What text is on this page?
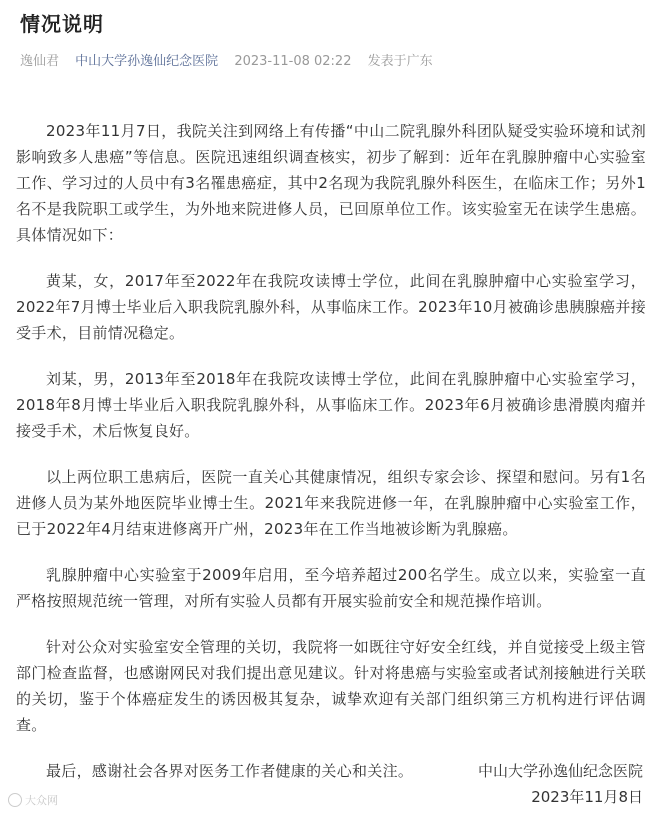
情况说明
逸仙君 中山大学孙逸仙纪念医院 2023-11-08 02:22 发表于广东

2023年11月7日，我院关注到网络上有传播“中山二院乳腺外科团队疑受实验环境和试剂影响致多人患癌”等信息。医院迅速组织调查核实，初步了解到：近年在乳腺肿瘤中心实验室工作、学习过的人员中有3名罹患癌症，其中2名现为我院乳腺外科医生，在临床工作；另外1名不是我院职工或学生，为外地来院进修人员，已回原单位工作。该实验室无在读学生患癌。具体情况如下：

黄某，女，2017年至2022年在我院攻读博士学位，此间在乳腺肿瘤中心实验室学习，2022年7月博士毕业后入职我院乳腺外科，从事临床工作。2023年10月被确诊患胰腺癌并接受手术，目前情况稳定。

刘某，男，2013年至2018年在我院攻读博士学位，此间在乳腺肿瘤中心实验室学习，2018年8月博士毕业后入职我院乳腺外科，从事临床工作。2023年6月被确诊患滑膜肉瘤并接受手术，术后恢复良好。

以上两位职工患病后，医院一直关心其健康情况，组织专家会诊、探望和慰问。另有1名进修人员为某外地医院毕业博士生。2021年来我院进修一年，在乳腺肿瘤中心实验室工作，已于2022年4月结束进修离开广州，2023年在工作当地被诊断为乳腺癌。

乳腺肿瘤中心实验室于2009年启用，至今培养超过200名学生。成立以来，实验室一直严格按照规范统一管理，对所有实验人员都有开展实验前安全和规范操作培训。

针对公众对实验室安全管理的关切，我院将一如既往守好安全红线，并自觉接受上级主管部门检查监督，也感谢网民对我们提出意见建议。针对将患癌与实验室或者试剂接触进行关联的关切，鉴于个体癌症发生的诱因极其复杂，诚挚欢迎有关部门组织第三方机构进行评估调查。

最后，感谢社会各界对医务工作者健康的关心和关注。	中山大学孙逸仙纪念医院
2023年11月8日
大众网
